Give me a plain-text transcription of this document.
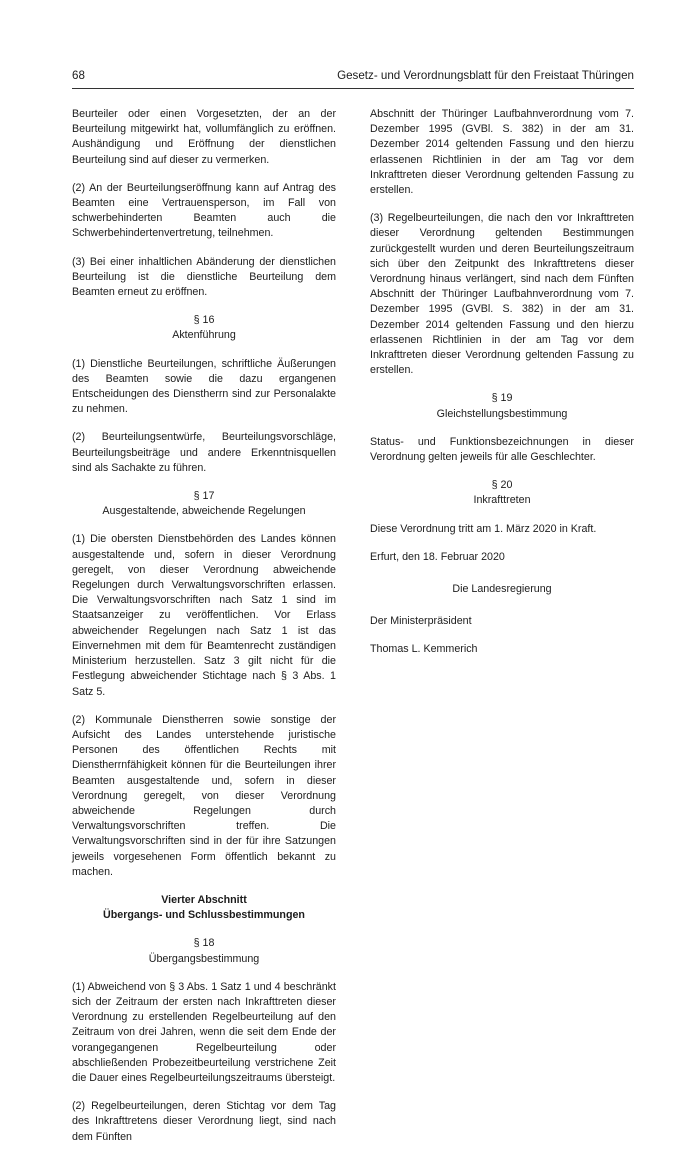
68	Gesetz- und Verordnungsblatt für den Freistaat Thüringen

Beurteiler oder einen Vorgesetzten, der an der Beurteilung mitgewirkt hat, vollumfänglich zu eröffnen. Aushändigung und Eröffnung der dienstlichen Beurteilung sind auf dieser zu vermerken.

(2) An der Beurteilungseröffnung kann auf Antrag des Beamten eine Vertrauensperson, im Fall von schwerbehinderten Beamten auch die Schwerbehindertenvertretung, teilnehmen.

(3) Bei einer inhaltlichen Abänderung der dienstlichen Beurteilung ist die dienstliche Beurteilung dem Beamten erneut zu eröffnen.

§ 16
Aktenführung

(1) Dienstliche Beurteilungen, schriftliche Äußerungen des Beamten sowie die dazu ergangenen Entscheidungen des Dienstherrn sind zur Personalakte zu nehmen.

(2) Beurteilungsentwürfe, Beurteilungsvorschläge, Beurteilungsbeiträge und andere Erkenntnisquellen sind als Sachakte zu führen.

§ 17
Ausgestaltende, abweichende Regelungen

(1) Die obersten Dienstbehörden des Landes können ausgestaltende und, sofern in dieser Verordnung geregelt, von dieser Verordnung abweichende Regelungen durch Verwaltungsvorschriften erlassen. Die Verwaltungsvorschriften nach Satz 1 sind im Staatsanzeiger zu veröffentlichen. Vor Erlass abweichender Regelungen nach Satz 1 ist das Einvernehmen mit dem für Beamtenrecht zuständigen Ministerium herzustellen. Satz 3 gilt nicht für die Festlegung abweichender Stichtage nach § 3 Abs. 1 Satz 5.

(2) Kommunale Dienstherren sowie sonstige der Aufsicht des Landes unterstehende juristische Personen des öffentlichen Rechts mit Dienstherrnfähigkeit können für die Beurteilungen ihrer Beamten ausgestaltende und, sofern in dieser Verordnung geregelt, von dieser Verordnung abweichende Regelungen durch Verwaltungsvorschriften treffen. Die Verwaltungsvorschriften sind in der für ihre Satzungen jeweils vorgesehenen Form öffentlich bekannt zu machen.

Vierter Abschnitt
Übergangs- und Schlussbestimmungen
§ 18
Übergangsbestimmung

(1) Abweichend von § 3 Abs. 1 Satz 1 und 4 beschränkt sich der Zeitraum der ersten nach Inkrafttreten dieser Verordnung zu erstellenden Regelbeurteilung auf den Zeitraum von drei Jahren, wenn die seit dem Ende der vorangegangenen Regelbeurteilung oder abschließenden Probezeitbeurteilung verstrichene Zeit die Dauer eines Regelbeurteilungszeitraums übersteigt.

(2) Regelbeurteilungen, deren Stichtag vor dem Tag des Inkrafttretens dieser Verordnung liegt, sind nach dem Fünften

Abschnitt der Thüringer Laufbahnverordnung vom 7. Dezember 1995 (GVBl. S. 382) in der am 31. Dezember 2014 geltenden Fassung und den hierzu erlassenen Richtlinien in der am Tag vor dem Inkrafttreten dieser Verordnung geltenden Fassung zu erstellen.

(3) Regelbeurteilungen, die nach den vor Inkrafttreten dieser Verordnung geltenden Bestimmungen zurückgestellt wurden und deren Beurteilungszeitraum sich über den Zeitpunkt des Inkrafttretens dieser Verordnung hinaus verlängert, sind nach dem Fünften Abschnitt der Thüringer Laufbahnverordnung vom 7. Dezember 1995 (GVBl. S. 382) in der am 31. Dezember 2014 geltenden Fassung und den hierzu erlassenen Richtlinien in der am Tag vor dem Inkrafttreten dieser Verordnung geltenden Fassung zu erstellen.

§ 19
Gleichstellungsbestimmung

Status- und Funktionsbezeichnungen in dieser Verordnung gelten jeweils für alle Geschlechter.

§ 20
Inkrafttreten

Diese Verordnung tritt am 1. März 2020 in Kraft.

Erfurt, den 18. Februar 2020

Die Landesregierung

Der Ministerpräsident

Thomas L. Kemmerich
